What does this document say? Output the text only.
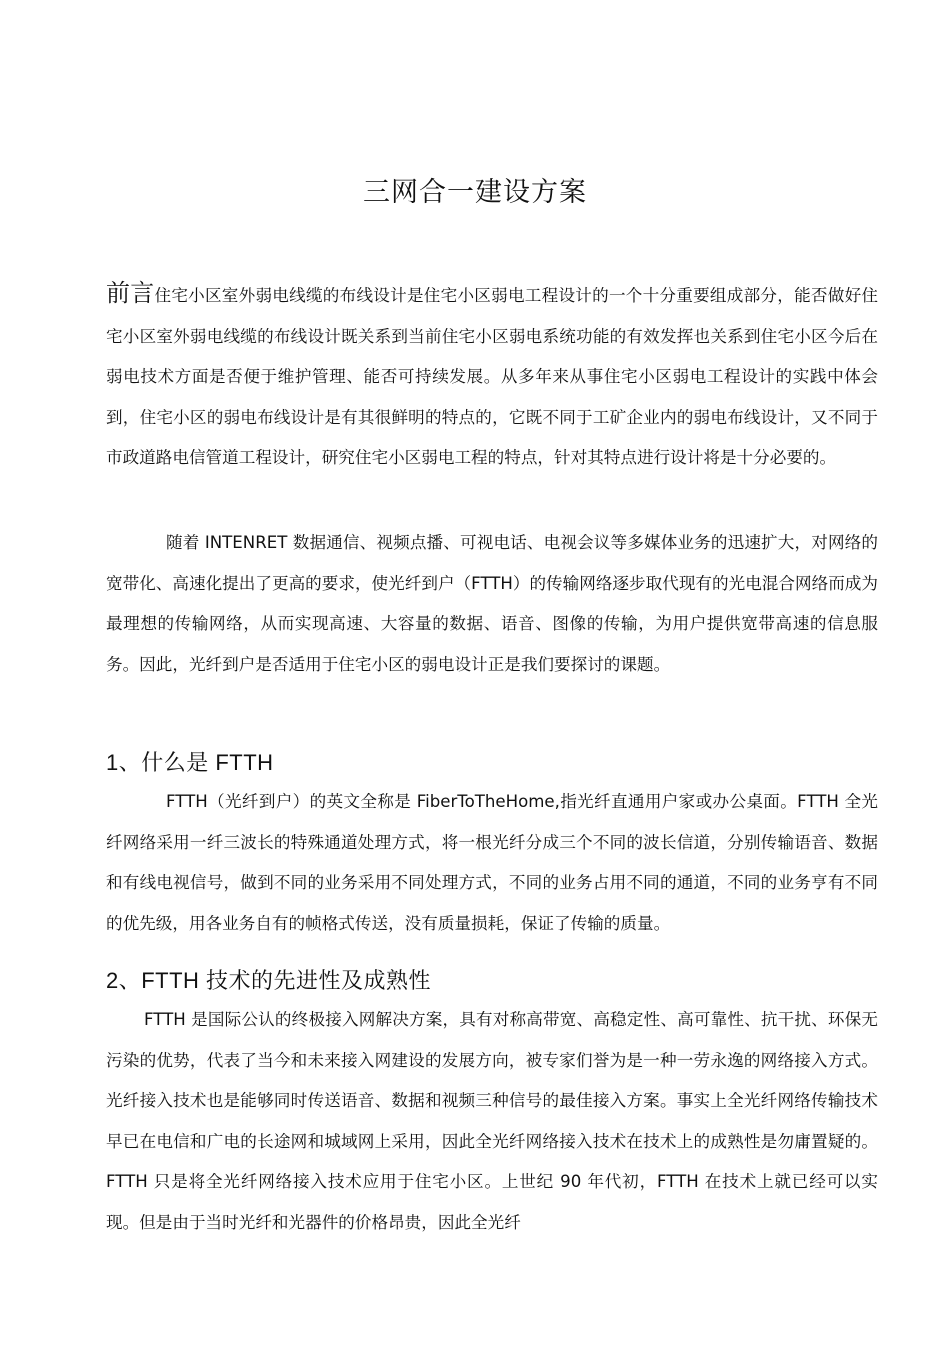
三网合一建设方案

前言住宅小区室外弱电线缆的布线设计是住宅小区弱电工程设计的一个十分重要组成部分，能否做好住宅小区室外弱电线缆的布线设计既关系到当前住宅小区弱电系统功能的有效发挥也关系到住宅小区今后在弱电技术方面是否便于维护管理、能否可持续发展。从多年来从事住宅小区弱电工程设计的实践中体会到，住宅小区的弱电布线设计是有其很鲜明的特点的，它既不同于工矿企业内的弱电布线设计，又不同于市政道路电信管道工程设计，研究住宅小区弱电工程的特点，针对其特点进行设计将是十分必要的。

随着 INTENRET 数据通信、视频点播、可视电话、电视会议等多媒体业务的迅速扩大，对网络的宽带化、高速化提出了更高的要求，使光纤到户（FTTH）的传输网络逐步取代现有的光电混合网络而成为最理想的传输网络，从而实现高速、大容量的数据、语音、图像的传输，为用户提供宽带高速的信息服务。因此，光纤到户是否适用于住宅小区的弱电设计正是我们要探讨的课题。

1、什么是 FTTH

FTTH（光纤到户）的英文全称是 FiberToTheHome,指光纤直通用户家或办公桌面。FTTH 全光纤网络采用一纤三波长的特殊通道处理方式，将一根光纤分成三个不同的波长信道，分别传输语音、数据和有线电视信号，做到不同的业务采用不同处理方式，不同的业务占用不同的通道，不同的业务亨有不同的优先级，用各业务自有的帧格式传送，没有质量损耗，保证了传输的质量。

2、FTTH 技术的先进性及成熟性

FTTH 是国际公认的终极接入网解决方案，具有对称高带宽、高稳定性、高可靠性、抗干扰、环保无污染的优势，代表了当今和未来接入网建设的发展方向，被专家们誉为是一种一劳永逸的网络接入方式。光纤接入技术也是能够同时传送语音、数据和视频三种信号的最佳接入方案。事实上全光纤网络传输技术早已在电信和广电的长途网和城域网上采用，因此全光纤网络接入技术在技术上的成熟性是勿庸置疑的。FTTH 只是将全光纤网络接入技术应用于住宅小区。上世纪 90 年代初，FTTH 在技术上就已经可以实现。但是由于当时光纤和光器件的价格昂贵，因此全光纤
